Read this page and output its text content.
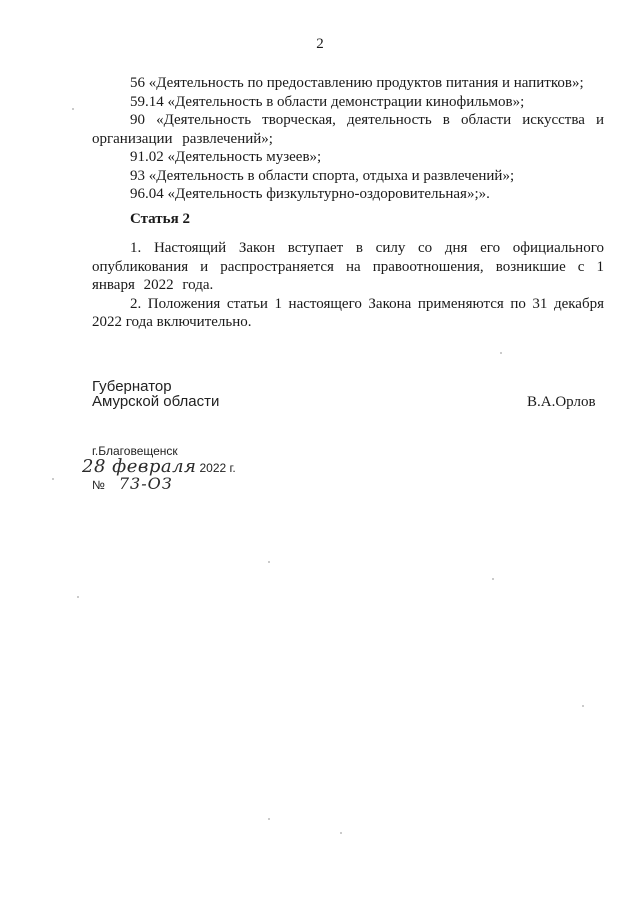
2

56 «Деятельность по предоставлению продуктов питания и напитков»;

59.14 «Деятельность в области демонстрации кинофильмов»;

90 «Деятельность творческая, деятельность в области искусства и организации развлечений»;

91.02 «Деятельность музеев»;

93 «Деятельность в области спорта, отдыха и развлечений»;

96.04 «Деятельность физкультурно-оздоровительная»;».

Статья 2

1. Настоящий Закон вступает в силу со дня его официального опубликования и распространяется на правоотношения, возникшие с 1 января 2022 года.

2. Положения статьи 1 настоящего Закона применяются по 31 декабря 2022 года включительно.

Губернатор
Амурской области	В.А.Орлов
г.Благовещенск
28 февраля 2022 г.
№ 73-ОЗ
